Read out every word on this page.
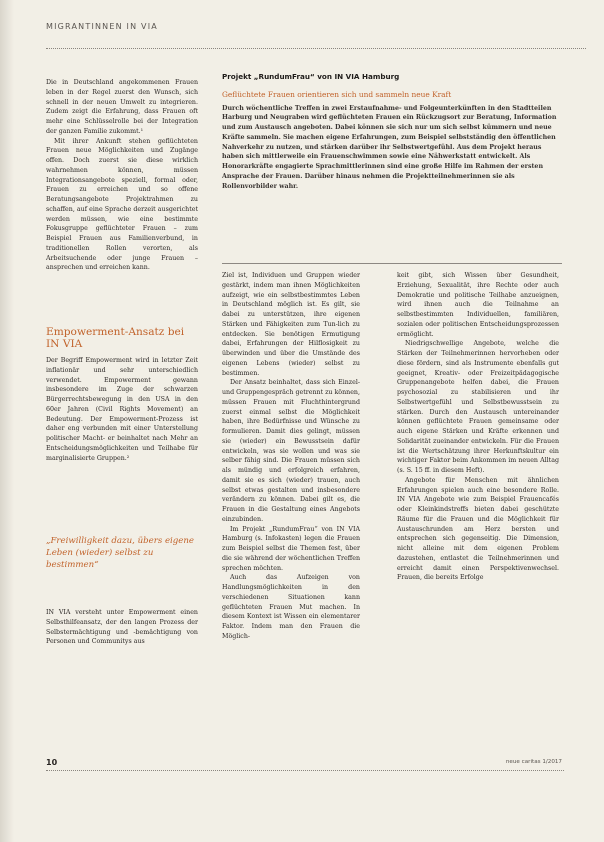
MIGRANTINNEN IN VIA

Die in Deutschland angekommenen Frauen leben in der Regel zuerst den Wunsch, sich schnell in der neuen Umwelt zu integrieren. Zudem zeigt die Erfahrung, dass Frauen oft mehr eine Schlüsselrolle bei der Integration der ganzen Familie zukommt.¹

Mit ihrer Ankunft stehen geflüchteten Frauen neue Möglichkeiten und Zugänge offen. Doch zuerst sie diese wirklich wahrnehmen können, müssen Integrationsangebote speziell, formal oder, Frauen zu erreichen und so offene Beratungsangebote Projektrahmen zu schaffen, auf eine Sprache derzeit ausgerichtet werden müssen, wie eine bestimmte Fokusgruppe geflüchteter Frauen – zum Beispiel Frauen aus Familienverbund, in traditionellen Rollen verorten, als Arbeitsuchende oder junge Frauen – ansprechen und erreichen kann.

Empowerment-Ansatz bei IN VIA

Der Begriff Empowerment wird in letzter Zeit inflationär und sehr unterschiedlich verwendet. Empowerment gewann insbesondere im Zuge der schwarzen Bürgerrechtsbewegung in den USA in den 60er Jahren (Civil Rights Movement) an Bedeutung. Der Empowerment-Prozess ist daher eng verbunden mit einer Unterstellung politischer Macht- er beinhaltet nach Mehr an Entscheidungsmöglichkeiten und Teilhabe für marginalisierte Gruppen.²

„Freiwilligkeit dazu, übers eigene Leben (wieder) selbst zu bestimmen“

IN VIA versteht unter Empowerment einen Selbsthilfeansatz, der den langen Prozess der Selbstermächtigung und -bemächtigung von Personen und Communitys aus

Projekt „RundumFrau“ von IN VIA Hamburg
Geflüchtete Frauen orientieren sich und sammeln neue Kraft
Durch wöchentliche Treffen in zwei Erstaufnahme- und Folgeunterkünften in den Stadtteilen Harburg und Neugraben wird geflüchteten Frauen ein Rückzugsort zur Beratung, Information und zum Austausch angeboten. Dabei können sie sich nur um sich selbst kümmern und neue Kräfte sammeln. Sie machen eigene Erfahrungen, zum Beispiel selbstständig den öffentlichen Nahverkehr zu nutzen, und stärken darüber ihr Selbstwertgefühl. Aus dem Projekt heraus haben sich mittlerweile ein Frauenschwimmen sowie eine Nähwerkstatt entwickelt. Als Honorarkräfte engagierte Sprachmittlerinnen sind eine große Hilfe im Rahmen der ersten Ansprache der Frauen. Darüber hinaus nehmen die Projektteilnehmerinnen sie als Rollenvorbilder wahr.

Ziel ist, Individuen und Gruppen wieder gestärkt, indem man ihnen Möglichkeiten aufzeigt, wie ein selbstbestimmtes Leben in Deutschland möglich ist. Es gilt, sie dabei zu unterstützen, ihre eigenen Stärken und Fähigkeiten zum Tun-lich zu entdecken. Sie benötigen Ermutigung dabei, Erfahrungen der Hilflosigkeit zu überwinden und über die Umstände des eigenen Lebens (wieder) selbst zu bestimmen.

Der Ansatz beinhaltet, dass sich Einzel- und Gruppengespräch getrennt zu können, müssen Frauen mit Fluchthintergrund zuerst einmal selbst die Möglichkeit haben, ihre Bedürfnisse und Wünsche zu formulieren. Damit dies gelingt, müssen sie (wieder) ein Bewusstsein dafür entwickeln, was sie wollen und was sie selber fähig sind. Die Frauen müssen sich als mündig und erfolgreich erfahren, damit sie es sich (wieder) trauen, auch selbst etwas gestalten und insbesondere verändern zu können. Dabei gilt es, die Frauen in die Gestaltung eines Angebots einzubinden.

Im Projekt „RundumFrau“ von IN VIA Hamburg (s. Infokasten) legen die Frauen zum Beispiel selbst die Themen fest, über die sie während der wöchentlichen Treffen sprechen möchten.

Auch das Aufzeigen von Handlungsmöglichkeiten in den verschiedenen Situationen kann geflüchteten Frauen Mut machen. In diesem Kontext ist Wissen ein elementarer Faktor. Indem man den Frauen die Möglich-

keit gibt, sich Wissen über Gesundheit, Erziehung, Sexualität, ihre Rechte oder auch Demokratie und politische Teilhabe anzueignen, wird ihnen auch die Teilnahme an selbstbestimmten Individuellen, familiären, sozialen oder politischen Entscheidungsprozessen ermöglicht.

Niedrigschwellige Angebote, welche die Stärken der Teilnehmerinnen hervorheben oder diese fördern, sind als Instrumente ebenfalls gut geeignet, Kreativ- oder Freizeitpädagogische Gruppenangebote helfen dabei, die Frauen psychosozial zu stabilisieren und ihr Selbstwertgefühl und Selbstbewusstsein zu stärken. Durch den Austausch untereinander können geflüchtete Frauen gemeinsame oder auch eigene Stärken und Kräfte erkennen und Solidarität zueinander entwickeln. Für die Frauen ist die Wertschätzung ihrer Herkunftskultur ein wichtiger Faktor beim Ankommen im neuen Alltag (s. S. 15 ff. in diesem Heft).

Angebote für Menschen mit ähnlichen Erfahrungen spielen auch eine besondere Rolle. IN VIA Angebote wie zum Beispiel Frauencafés oder Kleinkindstreffs bieten dabei geschützte Räume für die Frauen und die Möglichkeit für Austauschrunden am Herz bersten und entsprechen sich gegenseitig. Die Dimension, nicht alleine mit dem eigenen Problem dazustehen, entlastet die Teilnehmerinnen und erreicht damit einen Perspektivenwechsel. Frauen, die bereits Erfolge

10	neue caritas 1/2017
